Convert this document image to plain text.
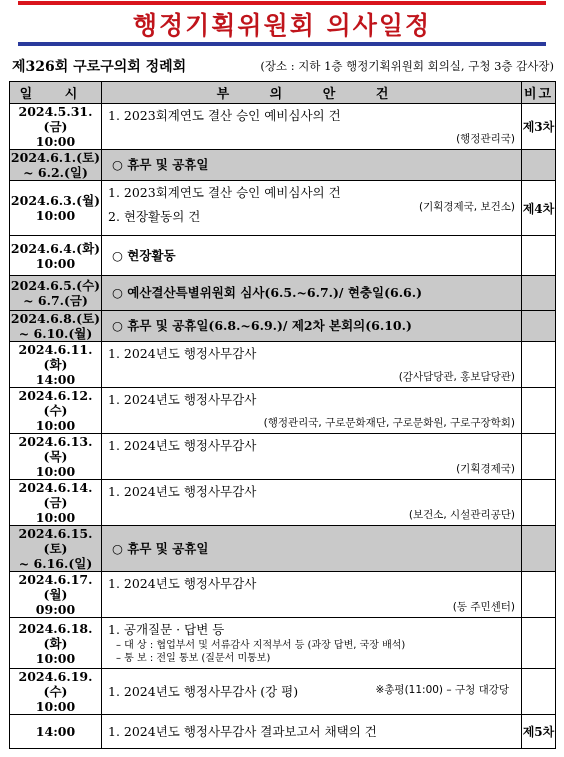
행정기획위원회 의사일정
제326회 구로구의회 정례회	(장소 : 지하 1층 행정기획위원회 회의실, 구청 3층 감사장)
일 시	부 의 안 건	비고

2024.5.31.(금)
10:00	1. 2023회계연도 결산 승인 예비심사의 건
(행정관리국)	제3차

2024.6.1.(토)
~ 6.2.(일)	○ 휴무 및 공휴일	

2024.6.3.(월)
10:00	1. 2023회계연도 결산 승인 예비심사의 건
2. 현장활동의 건
(기획경제국, 보건소)	제4차

2024.6.4.(화)
10:00	○ 현장활동	

2024.6.5.(수)
~ 6.7.(금)	○ 예산결산특별위원회 심사(6.5.~6.7.)/ 현충일(6.6.)	

2024.6.8.(토)
~ 6.10.(월)	○ 휴무 및 공휴일(6.8.~6.9.)/ 제2차 본회의(6.10.)	

2024.6.11.(화)
14:00	1. 2024년도 행정사무감사
(감사담당관, 홍보담당관)	

2024.6.12.(수)
10:00	1. 2024년도 행정사무감사
(행정관리국, 구로문화재단, 구로문화원, 구로구장학회)	

2024.6.13.(목)
10:00	1. 2024년도 행정사무감사
(기획경제국)	

2024.6.14.(금)
10:00	1. 2024년도 행정사무감사
(보건소, 시설관리공단)	

2024.6.15.(토)
~ 6.16.(일)	○ 휴무 및 공휴일	

2024.6.17.(월)
09:00	1. 2024년도 행정사무감사
(동 주민센터)	

2024.6.18.(화)
10:00	1. 공개질문 · 답변 등
– 대 상 : 협업부서 및 서류감사 지적부서 등 (과장 답변, 국장 배석)
– 통 보 : 전일 통보 (질문서 미통보)	

2024.6.19.(수)
10:00	1. 2024년도 행정사무감사 (강 평) ※총평(11:00) – 구청 대강당	

14:00	1. 2024년도 행정사무감사 결과보고서 채택의 건	제5차
